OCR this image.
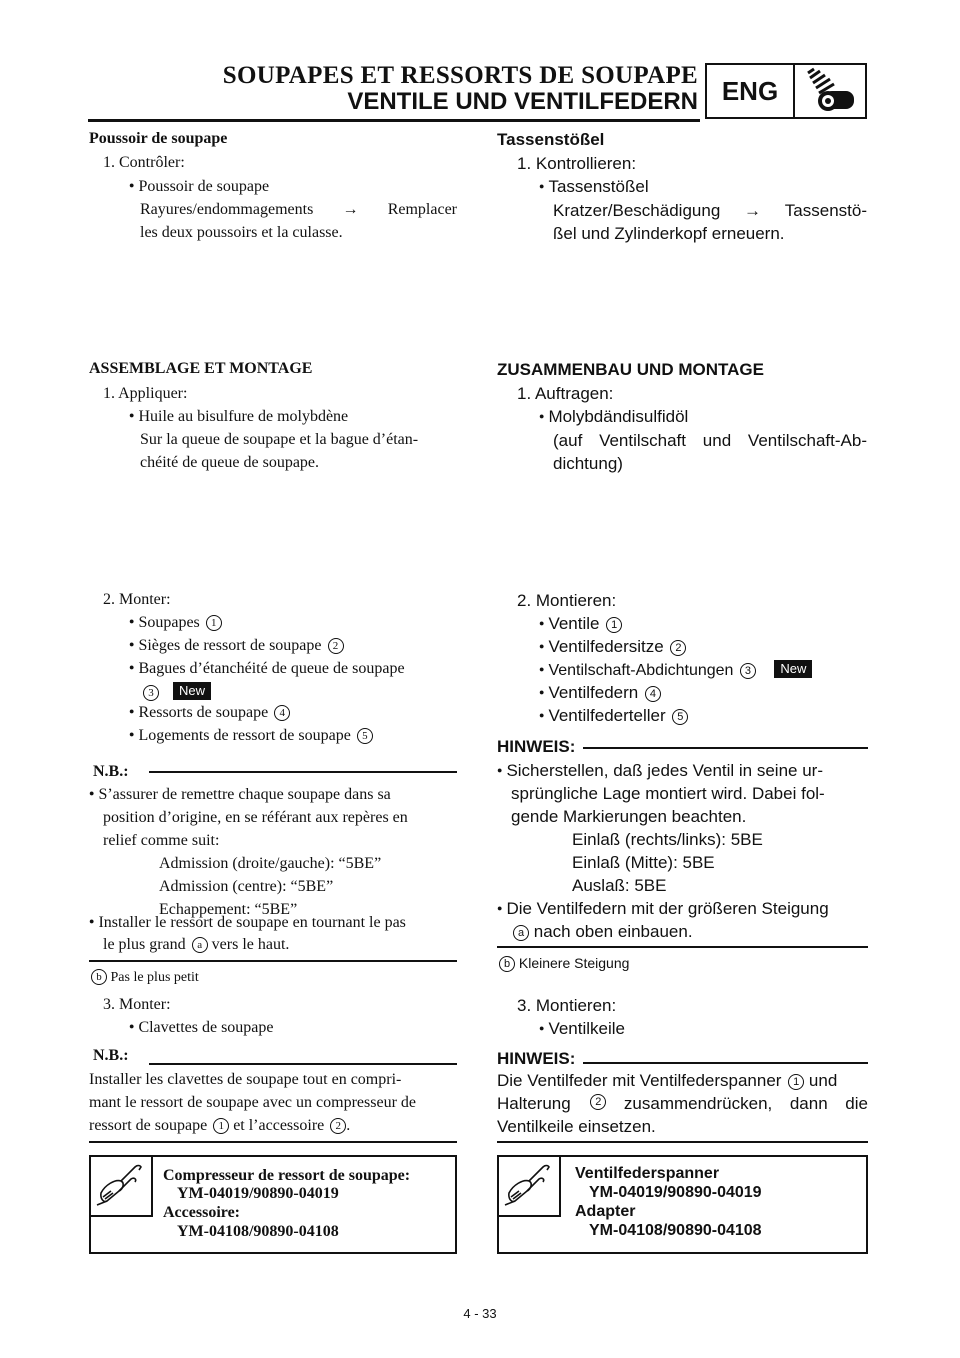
SOUPAPES ET RESSORTS DE SOUPAPE
VENTILE UND VENTILFEDERN ENG
Poussoir de soupape
1. Contrôler:
● Poussoir de soupape
Rayures/endommagements → Remplacer
les deux poussoirs et la culasse.
ASSEMBLAGE ET MONTAGE
1. Appliquer:
● Huile au bisulfure de molybdène
Sur la queue de soupape et la bague d’étan-
chéité de queue de soupape.
2. Monter:
● Soupapes 1
● Sièges de ressort de soupape 2
● Bagues d’étanchéité de queue de soupape
3 New
● Ressorts de soupape 4
● Logements de ressort de soupape 5
N.B.:
● S’assurer de remettre chaque soupape dans sa
position d’origine, en se référant aux repères en
relief comme suit:
Admission (droite/gauche): “5BE”
Admission (centre): “5BE”
Echappement: “5BE”
● Installer le ressort de soupape en tournant le pas
le plus grand a vers le haut.
b Pas le plus petit
3. Monter:
● Clavettes de soupape
N.B.:
Installer les clavettes de soupape tout en compri-
mant le ressort de soupape avec un compresseur de
ressort de soupape 1 et l’accessoire 2 .
Compresseur de ressort de soupape:
YM-04019/90890-04019
Accessoire:
YM-04108/90890-04108
Tassenstößel
1. Kontrollieren:
● Tassenstößel
Kratzer/Beschädigung → Tassenstö-
ßel und Zylinderkopf erneuern.
ZUSAMMENBAU UND MONTAGE
1. Auftragen:
● Molybdändisulfidöl
(auf Ventilschaft und Ventilschaft-Ab-
dichtung)
2. Montieren:
● Ventile 1
● Ventilfedersitze 2
● Ventilschaft-Abdichtungen 3 New
● Ventilfedern 4
● Ventilfederteller 5
HINWEIS:
● Sicherstellen, daß jedes Ventil in seine ur-
sprüngliche Lage montiert wird. Dabei fol-
gende Markierungen beachten.
Einlaß (rechts/links): 5BE
Einlaß (Mitte): 5BE
Auslaß: 5BE
● Die Ventilfedern mit der größeren Steigung
a nach oben einbauen.
b Kleinere Steigung
3. Montieren:
● Ventilkeile
HINWEIS:
Die Ventilfeder mit Ventilfederspanner 1 und
Halterung	2 zusammendrücken, dann die
Ventilkeile einsetzen.
Ventilfederspanner
YM-04019/90890-04019
Adapter
YM-04108/90890-04108
4 - 33
